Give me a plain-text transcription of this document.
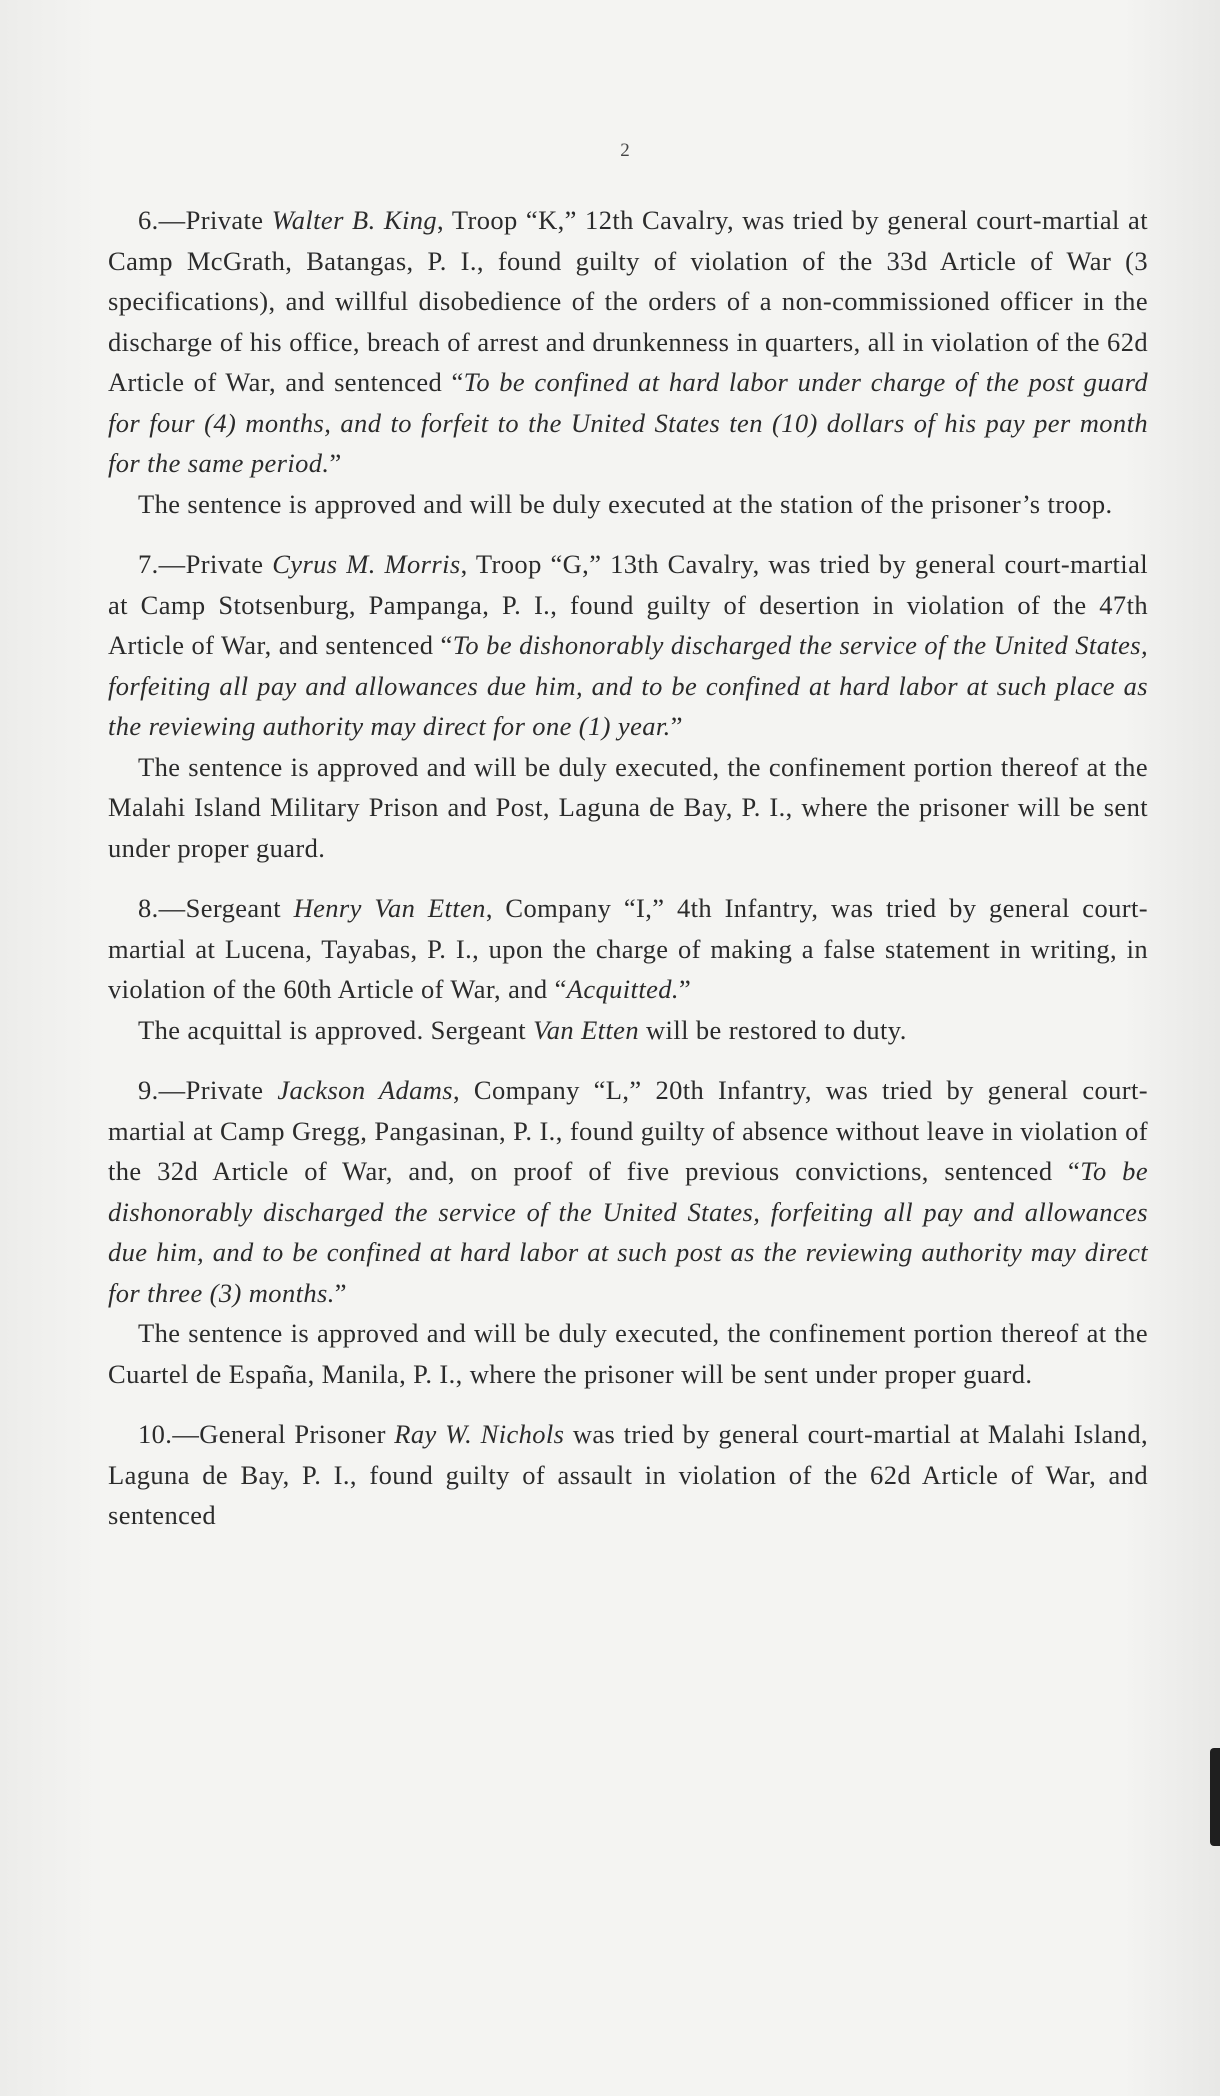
2

6.—Private Walter B. King, Troop “K,” 12th Cavalry, was tried by general court-martial at Camp McGrath, Batangas, P. I., found guilty of violation of the 33d Article of War (3 specifications), and willful disobedience of the orders of a non-commissioned officer in the discharge of his office, breach of arrest and drunkenness in quarters, all in violation of the 62d Article of War, and sentenced “To be confined at hard labor under charge of the post guard for four (4) months, and to forfeit to the United States ten (10) dollars of his pay per month for the same period.”

The sentence is approved and will be duly executed at the station of the prisoner’s troop.

7.—Private Cyrus M. Morris, Troop “G,” 13th Cavalry, was tried by general court-martial at Camp Stotsenburg, Pampanga, P. I., found guilty of desertion in violation of the 47th Article of War, and sentenced “To be dishonorably discharged the service of the United States, forfeiting all pay and allowances due him, and to be confined at hard labor at such place as the reviewing authority may direct for one (1) year.”

The sentence is approved and will be duly executed, the confinement portion thereof at the Malahi Island Military Prison and Post, Laguna de Bay, P. I., where the prisoner will be sent under proper guard.

8.—Sergeant Henry Van Etten, Company “I,” 4th Infantry, was tried by general court-martial at Lucena, Tayabas, P. I., upon the charge of making a false statement in writing, in violation of the 60th Article of War, and “Acquitted.”

The acquittal is approved. Sergeant Van Etten will be restored to duty.

9.—Private Jackson Adams, Company “L,” 20th Infantry, was tried by general court-martial at Camp Gregg, Pangasinan, P. I., found guilty of absence without leave in violation of the 32d Article of War, and, on proof of five previous convictions, sentenced “To be dishonorably discharged the service of the United States, forfeiting all pay and allowances due him, and to be confined at hard labor at such post as the reviewing authority may direct for three (3) months.”

The sentence is approved and will be duly executed, the confinement portion thereof at the Cuartel de España, Manila, P. I., where the prisoner will be sent under proper guard.

10.—General Prisoner Ray W. Nichols was tried by general court-martial at Malahi Island, Laguna de Bay, P. I., found guilty of assault in violation of the 62d Article of War, and sentenced
